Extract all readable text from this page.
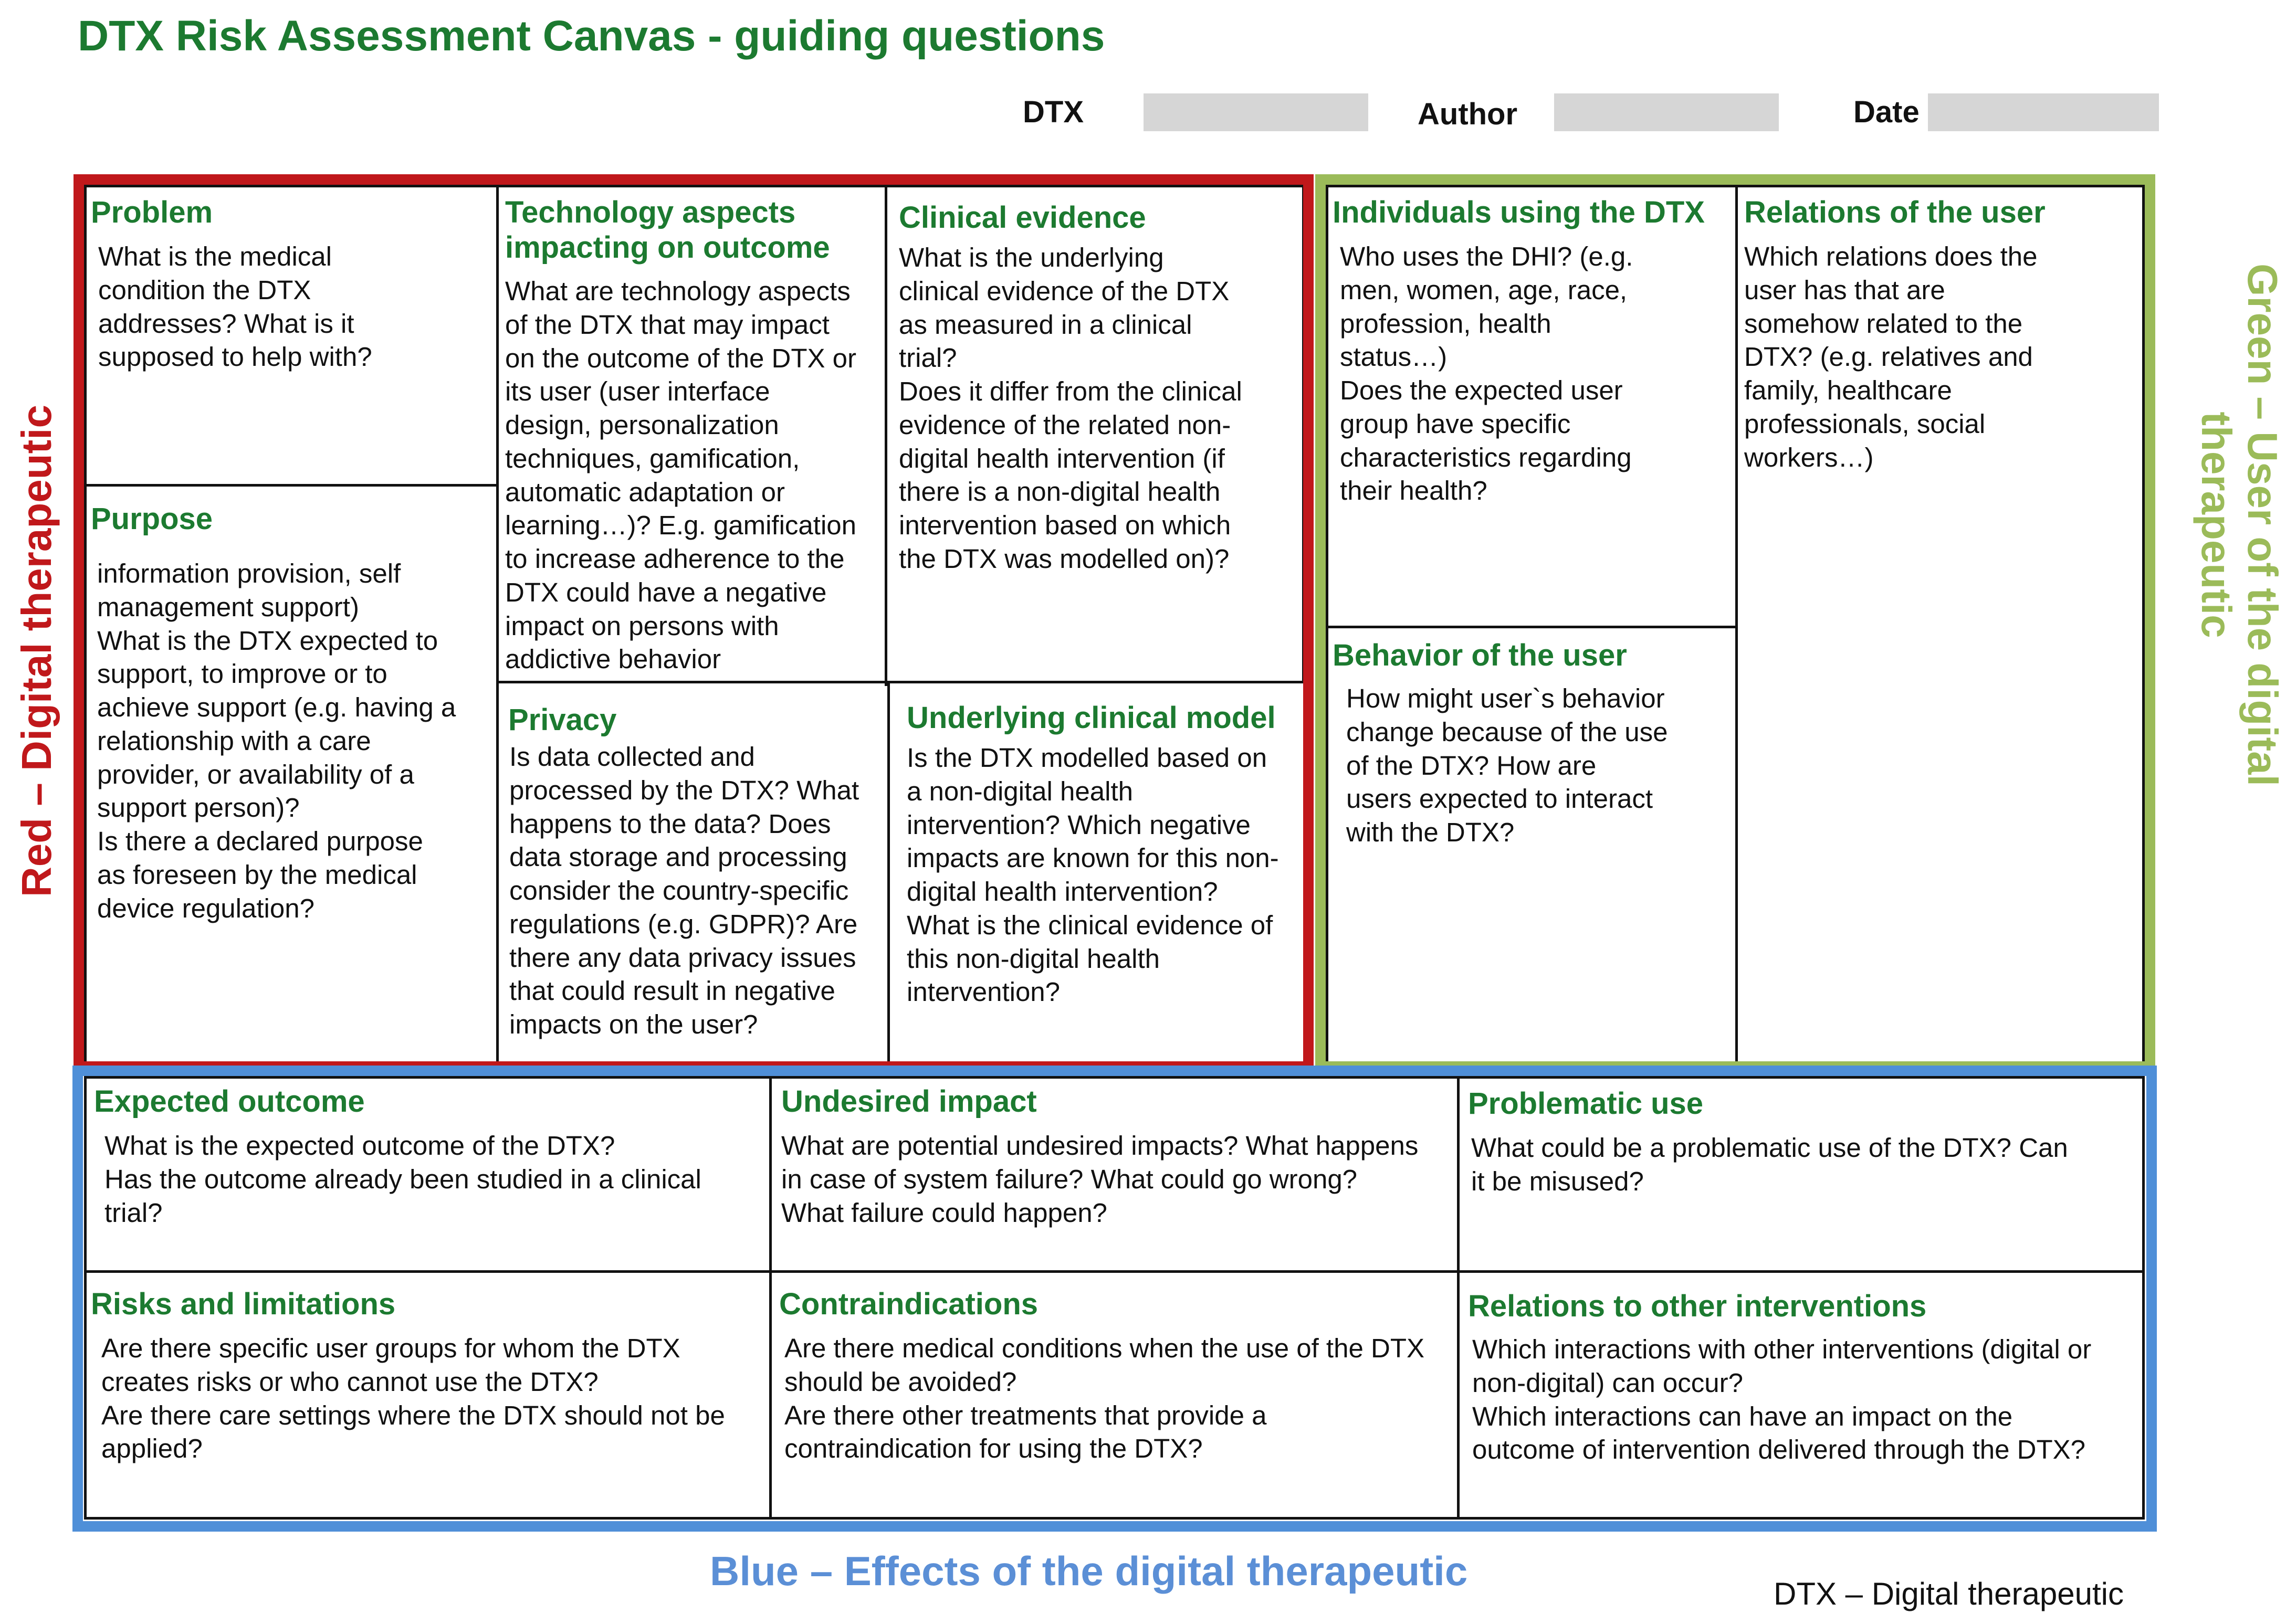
DTX Risk Assessment Canvas - guiding questions
DTX	Author	Date
Problem

What is the medical
condition the DTX
addresses? What is it
supposed to help with?

Purpose

information provision, self
management support)
What is the DTX expected to
support, to improve or to
achieve support (e.g. having a
relationship with a care
provider, or availability of a
support person)?
Is there a declared purpose
as foreseen by the medical
device regulation?

Technology aspects
impacting on outcome

What are technology aspects
of the DTX that may impact
on the outcome of the DTX or
its user (user interface
design, personalization
techniques, gamification,
automatic adaptation or
learning…)? E.g. gamification
to increase adherence to the
DTX could have a negative
impact on persons with
addictive behavior

Privacy

Is data collected and
processed by the DTX? What
happens to the data? Does
data storage and processing
consider the country-specific
regulations (e.g. GDPR)? Are
there any data privacy issues
that could result in negative
impacts on the user?

Clinical evidence

What is the underlying
clinical evidence of the DTX
as measured in a clinical
trial?
Does it differ from the clinical
evidence of the related non-
digital health intervention (if
there is a non-digital health
intervention based on which
the DTX was modelled on)?

Underlying clinical model

Is the DTX modelled based on
a non-digital health
intervention? Which negative
impacts are known for this non-
digital health intervention?
What is the clinical evidence of
this non-digital health
intervention?

Individuals using the DTX

Who uses the DHI? (e.g.
men, women, age, race,
profession, health
status…)
Does the expected user
group have specific
characteristics regarding
their health?

Behavior of the user

How might user`s behavior
change because of the use
of the DTX? How are
users expected to interact
with the DTX?

Relations of the user

Which relations does the
user has that are
somehow related to the
DTX? (e.g. relatives and
family, healthcare
professionals, social
workers…)

Expected outcome

What is the expected outcome of the DTX?
Has the outcome already been studied in a clinical
trial?

Undesired impact

What are potential undesired impacts? What happens
in case of system failure? What could go wrong?
What failure could happen?

Problematic use

What could be a problematic use of the DTX? Can
it be misused?

Risks and limitations

Are there specific user groups for whom the DTX
creates risks or who cannot use the DTX?
Are there care settings where the DTX should not be
applied?

Contraindications

Are there medical conditions when the use of the DTX
should be avoided?
Are there other treatments that provide a
contraindication for using the DTX?

Relations to other interventions

Which interactions with other interventions (digital or
non-digital) can occur?
Which interactions can have an impact on the
outcome of intervention delivered through the DTX?

Red – Digital therapeutic	Green – User of the digital therapeutic
Blue – Effects of the digital therapeutic	DTX – Digital therapeutic
